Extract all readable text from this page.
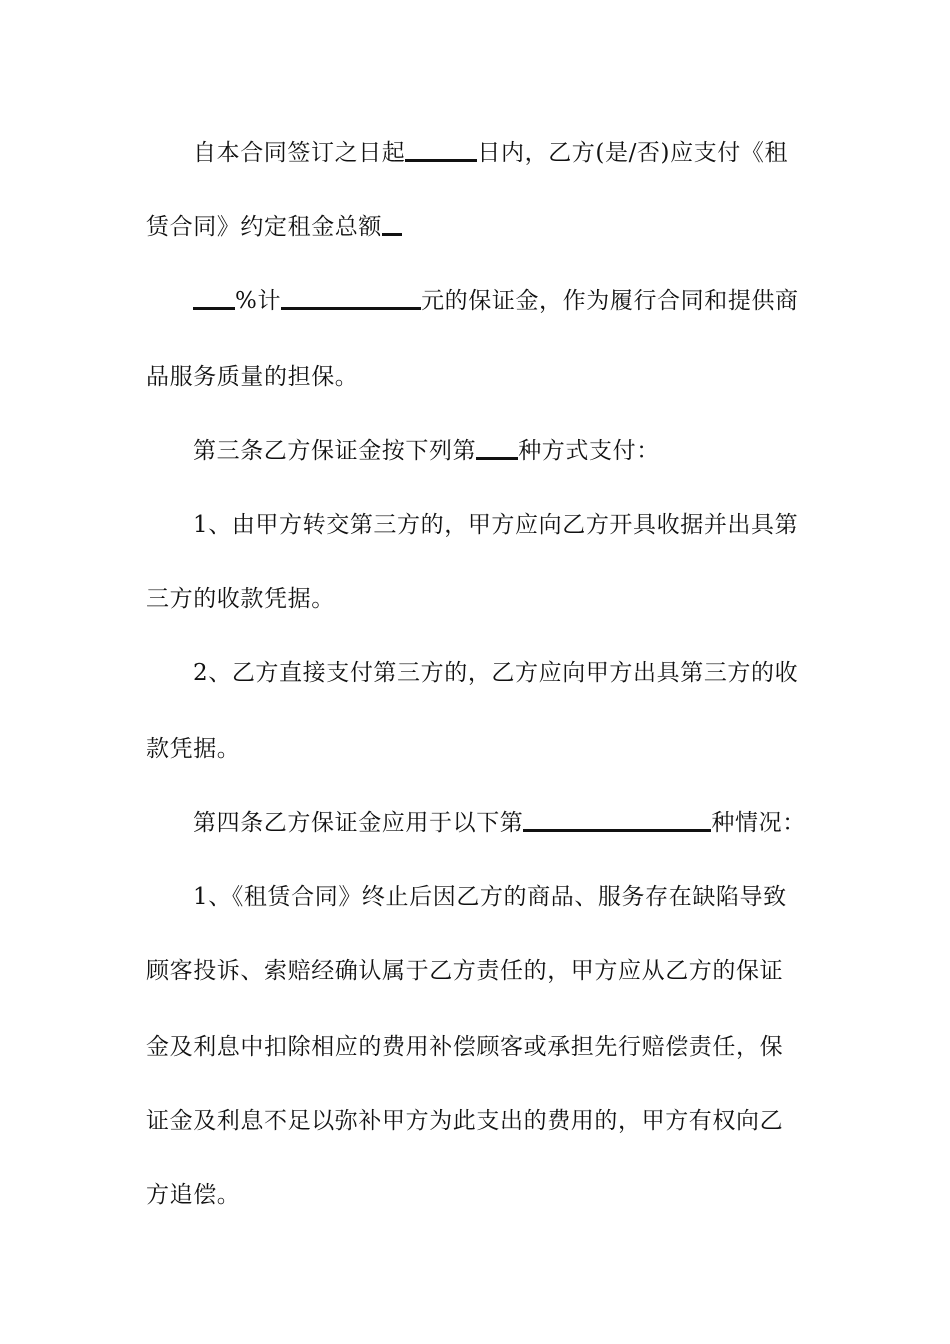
自本合同签订之日起	日内，乙方(是/否)应支付《租
赁合同》约定租金总额
%计	元的保证金，作为履行合同和提供商
品服务质量的担保。
第三条乙方保证金按下列第 种方式支付：
1、由甲方转交第三方的，甲方应向乙方开具收据并出具第
三方的收款凭据。
2、乙方直接支付第三方的，乙方应向甲方出具第三方的收
款凭据。
第四条乙方保证金应用于以下第	种情况：
1、《租赁合同》终止后因乙方的商品、服务存在缺陷导致
顾客投诉、索赔经确认属于乙方责任的，甲方应从乙方的保证
金及利息中扣除相应的费用补偿顾客或承担先行赔偿责任，保
证金及利息不足以弥补甲方为此支出的费用的，甲方有权向乙
方追偿。
